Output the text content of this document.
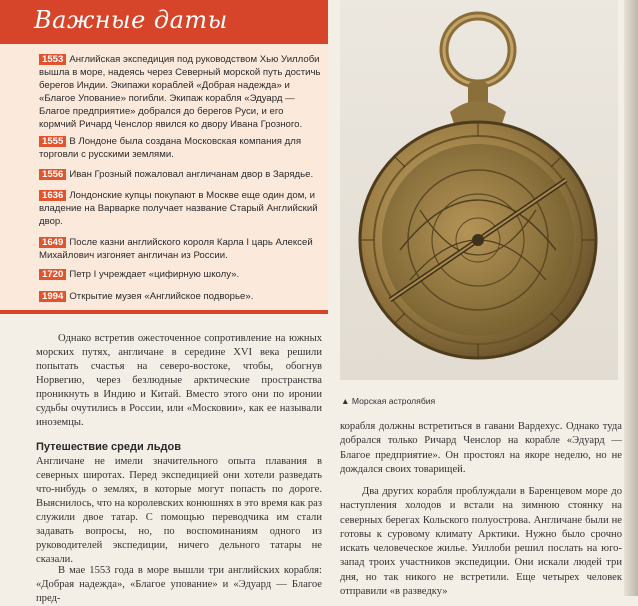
Важные даты
1553 Английская экспедиция под руководством Хью Уиллоби вышла в море, надеясь через Северный морской путь достичь берегов Индии. Экипажи кораблей «Добрая надежда» и «Благое Упование» погибли. Экипаж корабля «Эдуард — Благое предприятие» добрался до берегов Руси, и его кормчий Ричард Ченслор явился ко двору Ивана Грозного.
1555 В Лондоне была создана Московская компания для торговли с русскими землями.
1556 Иван Грозный пожаловал англичанам двор в Зарядье.
1636 Лондонские купцы покупают в Москве еще один дом, и владение на Варварке получает название Старый Английский двор.
1649 После казни английского короля Карла I царь Алексей Михайлович изгоняет англичан из России.
1720 Петр I учреждает «цифирную школу».
1994 Открытие музея «Английское подворье».
Однако встретив ожесточенное сопротивление на южных морских путях, англичане в середине XVI века решили попытать счастья на северо-востоке, чтобы, обогнув Норвегию, через безлюдные арктические пространства проникнуть в Индию и Китай. Вместо этого они по иронии судьбы очутились в России, или «Московии», как ее называли иноземцы.
Путешествие среди льдов
Англичане не имели значительного опыта плавания в северных широтах. Перед экспедицией они хотели разведать что-нибудь о землях, в которые могут попасть по дороге. Выяснилось, что на королевских конюшнях в это время как раз служили двое татар. С помощью переводчика им стали задавать вопросы, но, по воспоминаниям одного из руководителей экспедиции, ничего дельного татары не сказали.
В мае 1553 года в море вышли три английских корабля: «Добрая надежда», «Благое упование» и «Эдуард — Благое пред-
▲ Морская астролябия
корабля должны встретиться в гавани Вардехус. Однако туда добрался только Ричард Ченслор на корабле «Эдуард — Благое предприятие». Он простоял на якоре неделю, но не дождался своих товарищей.
Два других корабля проблуждали в Баренцевом море до наступления холодов и встали на зимнюю стоянку на северных берегах Кольского полуострова. Англичане были не готовы к суровому климату Арктики. Нужно было срочно искать человеческое жилье. Уиллоби решил послать на юго-запад троих участников экспедиции. Они искали людей три дня, но так никого не встретили. Еще четырех человек отправили «в разведку»
